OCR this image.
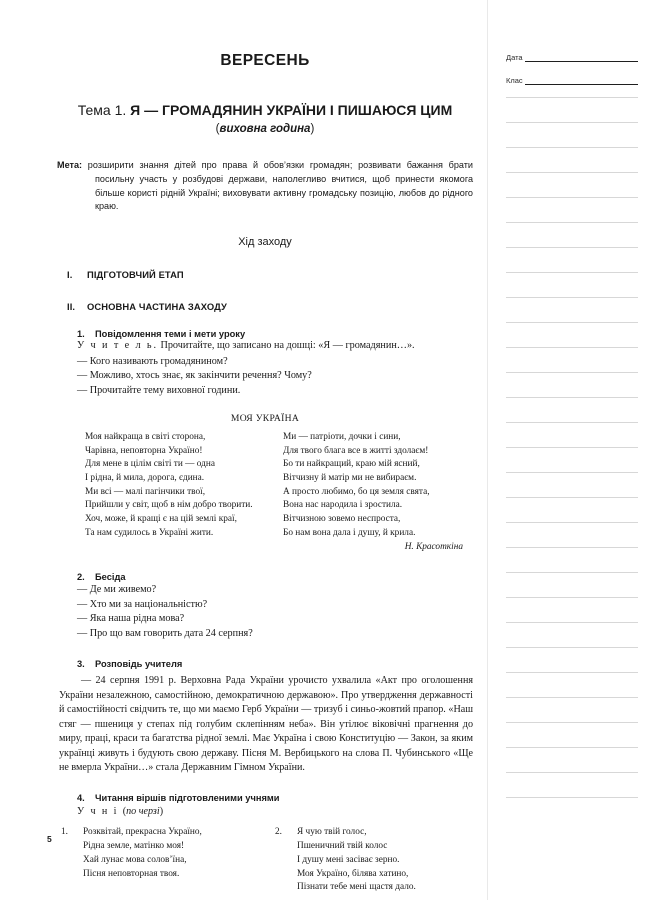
Дата
Клас
ВЕРЕСЕНЬ
Тема 1. Я — ГРОМАДЯНИН УКРАЇНИ І ПИШАЮСЯ ЦИМ
(виховна година)
Мета: розширити знання дітей про права й обов’язки громадян; розвивати бажання брати посильну участь у розбудові держави, наполегливо вчитися, щоб принести якомога більше користі рідній Україні; виховувати активну громадську позицію, любов до рідного краю.
Хід заходу
I. ПІДГОТОВЧИЙ ЕТАП
II. ОСНОВНА ЧАСТИНА ЗАХОДУ
1. Повідомлення теми і мети уроку
У ч и т е л ь. Прочитайте, що записано на дошці: «Я — громадянин…».
— Кого називають громадянином?
— Можливо, хтось знає, як закінчити речення? Чому?
— Прочитайте тему виховної години.
МОЯ УКРАЇНА
Моя найкраща в світі сторона,
Чарівна, неповторна Україно!
Для мене в цілім світі ти — одна
І рідна, й мила, дорога, єдина.
Ми всі — малі пагінчики твої,
Прийшли у світ, щоб в нім добро творити.
Хоч, може, й кращі є на цій землі краї,
Та нам судилось в Україні жити.
Ми — патріоти, дочки і сини,
Для твого блага все в житті здолаєм!
Бо ти найкращий, краю мій ясний,
Вітчизну й матір ми не вибираєм.
А просто любимо, бо ця земля свята,
Вона нас народила і зростила.
Вітчизною зовемо неспроста,
Бо нам вона дала і душу, й крила.
Н. Красоткіна
2. Бесіда
— Де ми живемо?
— Хто ми за національністю?
— Яка наша рідна мова?
— Про що вам говорить дата 24 серпня?
3. Розповідь учителя
— 24 серпня 1991 р. Верховна Рада України урочисто ухвалила «Акт про оголошення України незалежною, самостійною, демократичною державою». Про утвердження державності й самостійності свідчить те, що ми маємо Герб України — тризуб і синьо-жовтий прапор. «Наш стяг — пшениця у степах під голубим склепінням неба». Він утілює віковічні прагнення до миру, праці, краси та багатства рідної землі. Має Україна і свою Конституцію — Закон, за яким українці живуть і будують свою державу. Пісня М. Вербицького на слова П. Чубинського «Ще не вмерла України…» стала Державним Гімном України.
4. Читання віршів підготовленими учнями
У ч н і (по черзі)
1. Розквітай, прекрасна Україно,
Рідна земле, матінко моя!
Хай лунає мова солов’їна,
Пісня неповторная твоя.
2. Я чую твій голос,
Пшеничний твій колос
І душу мені засіває зерно.
Моя Україно, білява хатино,
Пізнати тебе мені щастя дало.
5
